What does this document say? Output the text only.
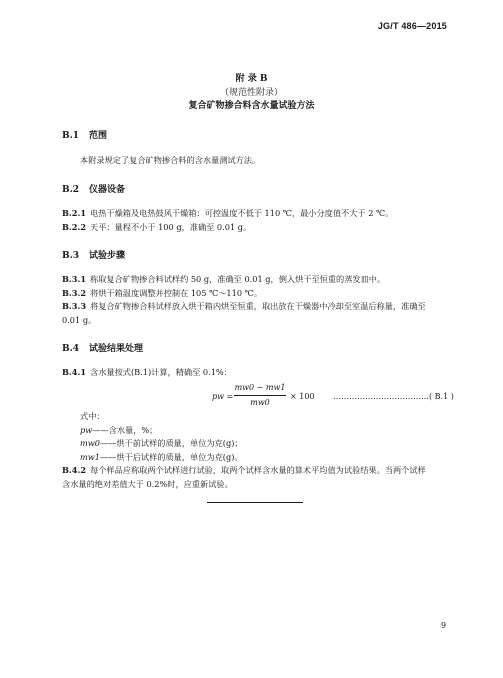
JG/T 486—2015
附 录 B
（规范性附录）
复合矿物掺合料含水量试验方法
B.1 范围
本附录规定了复合矿物掺合料的含水量测试方法。
B.2 仪器设备
B.2.1 电热干燥箱及电热鼓风干燥箱：可控温度不低于 110 ℃，最小分度值不大于 2 ℃。
B.2.2 天平：量程不小于 100 g，准确至 0.01 g。
B.3 试验步骤
B.3.1 称取复合矿物掺合料试样约 50 g，准确至 0.01 g，倒入烘干至恒重的蒸发皿中。
B.3.2 将烘干箱温度调整并控制在 105 ℃～110 ℃。
B.3.3 将复合矿物掺合料试样放入烘干箱内烘至恒重，取出放在干燥器中冷却至室温后称量，准确至
0.01 g。
B.4 试验结果处理
B.4.1 含水量按式(B.1)计算，精确至 0.1%：
pw =
mw0 − mw1
mw0
× 100 ………………………………( B.1 )
式中：
pw——含水量，%；
mw0——烘干前试样的质量，单位为克(g)；
mw1——烘干后试样的质量，单位为克(g)。
B.4.2 每个样品应称取两个试样进行试验，取两个试样含水量的算术平均值为试验结果。当两个试样
含水量的绝对差值大于 0.2%时，应重新试验。
9
